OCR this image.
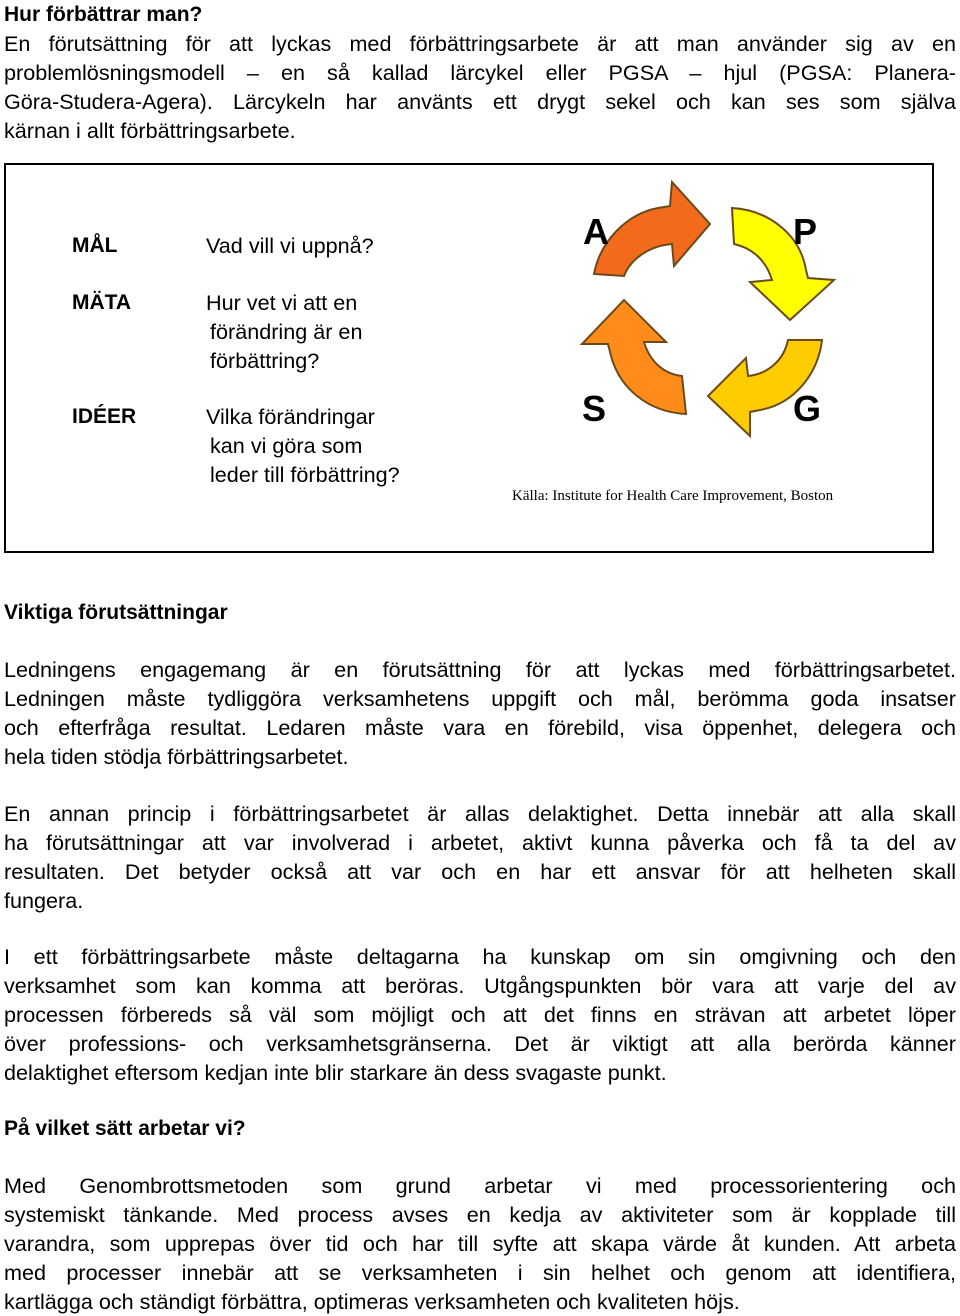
Hur förbättrar man?
En förutsättning för att lyckas med förbättringsarbete är att man använder sig av en
problemlösningsmodell – en så kallad lärcykel eller PGSA – hjul (PGSA: Planera-
Göra-Studera-Agera). Lärcykeln har använts ett drygt sekel och kan ses som själva
kärnan i allt förbättringsarbete.
MÅL	Vad vill vi uppnå?
MÄTA	Hur vet vi att en
förändring är en
förbättring?
IDÉER	Vilka förändringar
kan vi göra som
leder till förbättring?
A	P
S	G
Källa: Institute for Health Care Improvement, Boston
Viktiga förutsättningar
Ledningens engagemang är en förutsättning för att lyckas med förbättringsarbetet.
Ledningen måste tydliggöra verksamhetens uppgift och mål, berömma goda insatser
och efterfråga resultat. Ledaren måste vara en förebild, visa öppenhet, delegera och
hela tiden stödja förbättringsarbetet.
En annan princip i förbättringsarbetet är allas delaktighet. Detta innebär att alla skall
ha förutsättningar att var involverad i arbetet, aktivt kunna påverka och få ta del av
resultaten. Det betyder också att var och en har ett ansvar för att helheten skall
fungera.
I ett förbättringsarbete måste deltagarna ha kunskap om sin omgivning och den
verksamhet som kan komma att beröras. Utgångspunkten bör vara att varje del av
processen förbereds så väl som möjligt och att det finns en strävan att arbetet löper
över professions- och verksamhetsgränserna. Det är viktigt att alla berörda känner
delaktighet eftersom kedjan inte blir starkare än dess svagaste punkt.
På vilket sätt arbetar vi?
Med Genombrottsmetoden som grund arbetar vi med processorientering och
systemiskt tänkande. Med process avses en kedja av aktiviteter som är kopplade till
varandra, som upprepas över tid och har till syfte att skapa värde åt kunden. Att arbeta
med processer innebär att se verksamheten i sin helhet och genom att identifiera,
kartlägga och ständigt förbättra, optimeras verksamheten och kvaliteten höjs.
